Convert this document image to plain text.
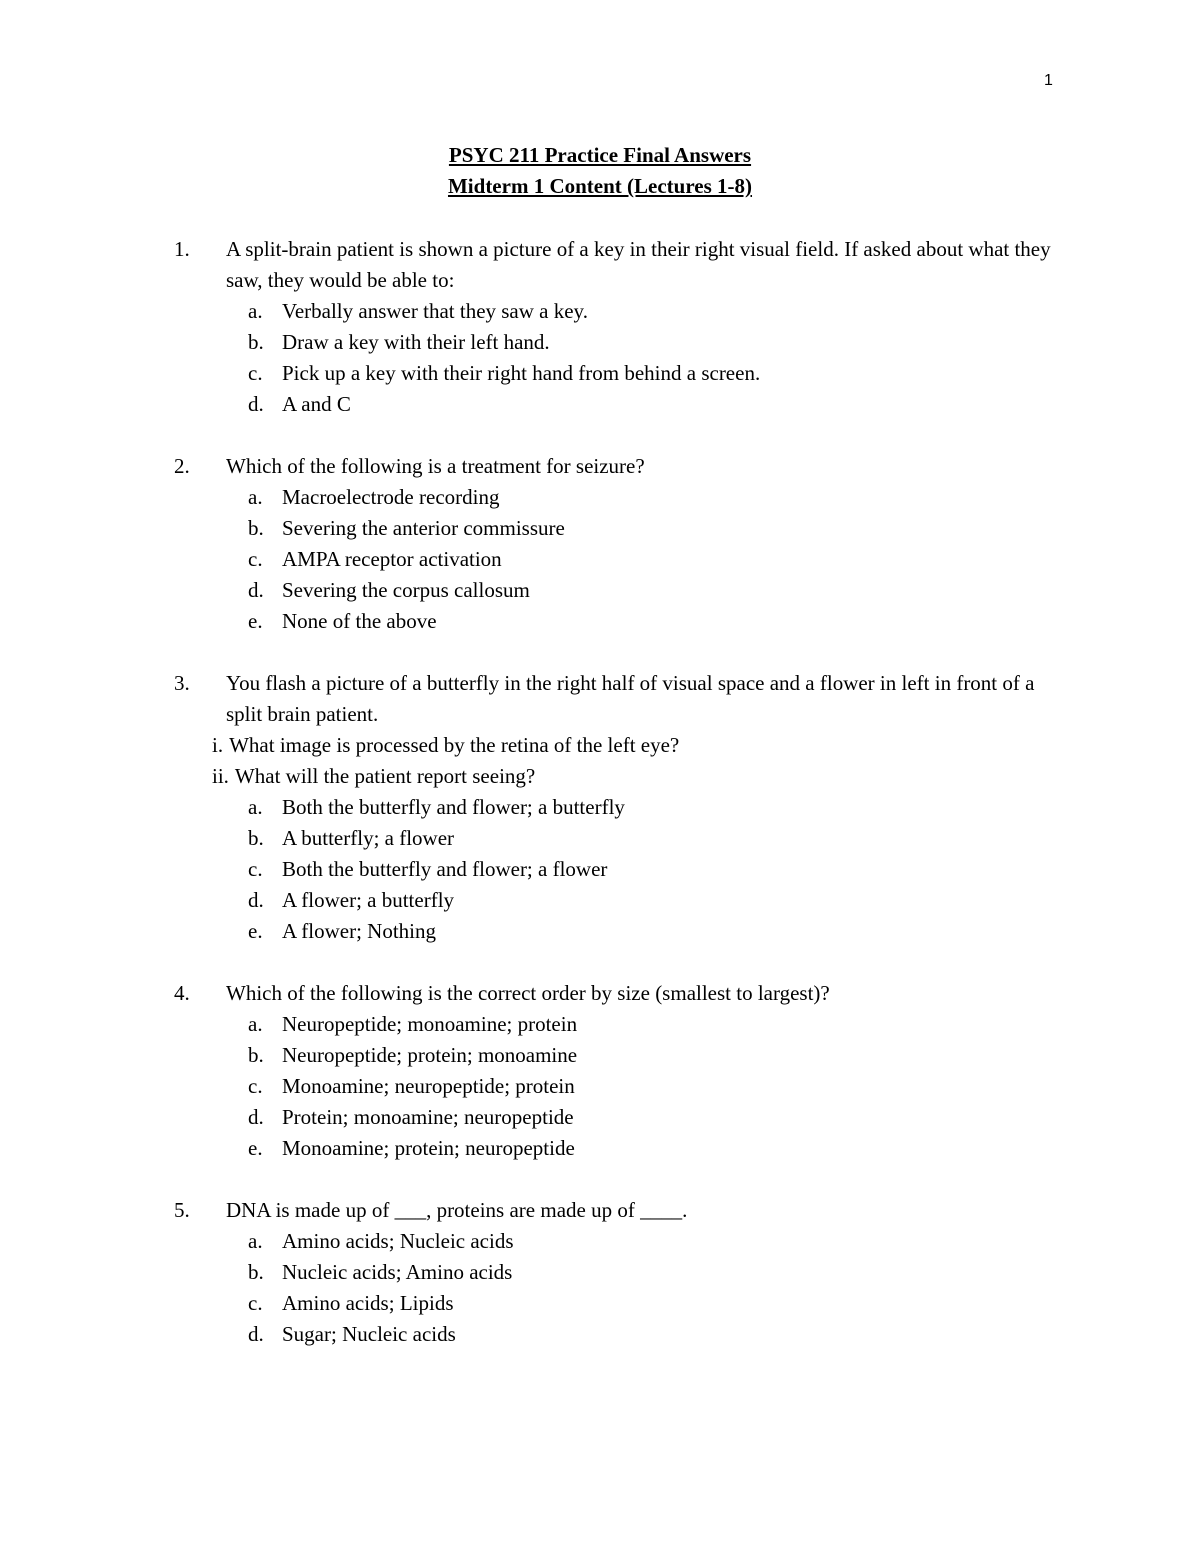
1
PSYC 211 Practice Final Answers
Midterm 1 Content (Lectures 1-8)
1. A split-brain patient is shown a picture of a key in their right visual field. If asked about what they saw, they would be able to:
a. Verbally answer that they saw a key.
b. Draw a key with their left hand.
c. Pick up a key with their right hand from behind a screen.
d. A and C
2. Which of the following is a treatment for seizure?
a. Macroelectrode recording
b. Severing the anterior commissure
c. AMPA receptor activation
d. Severing the corpus callosum
e. None of the above
3. You flash a picture of a butterfly in the right half of visual space and a flower in left in front of a split brain patient.
i. What image is processed by the retina of the left eye?
ii. What will the patient report seeing?
a. Both the butterfly and flower; a butterfly
b. A butterfly; a flower
c. Both the butterfly and flower; a flower
d. A flower; a butterfly
e. A flower; Nothing
4. Which of the following is the correct order by size (smallest to largest)?
a. Neuropeptide; monoamine; protein
b. Neuropeptide; protein; monoamine
c. Monoamine; neuropeptide; protein
d. Protein; monoamine; neuropeptide
e. Monoamine; protein; neuropeptide
5. DNA is made up of ___, proteins are made up of ____.
a. Amino acids; Nucleic acids
b. Nucleic acids; Amino acids
c. Amino acids; Lipids
d. Sugar; Nucleic acids
